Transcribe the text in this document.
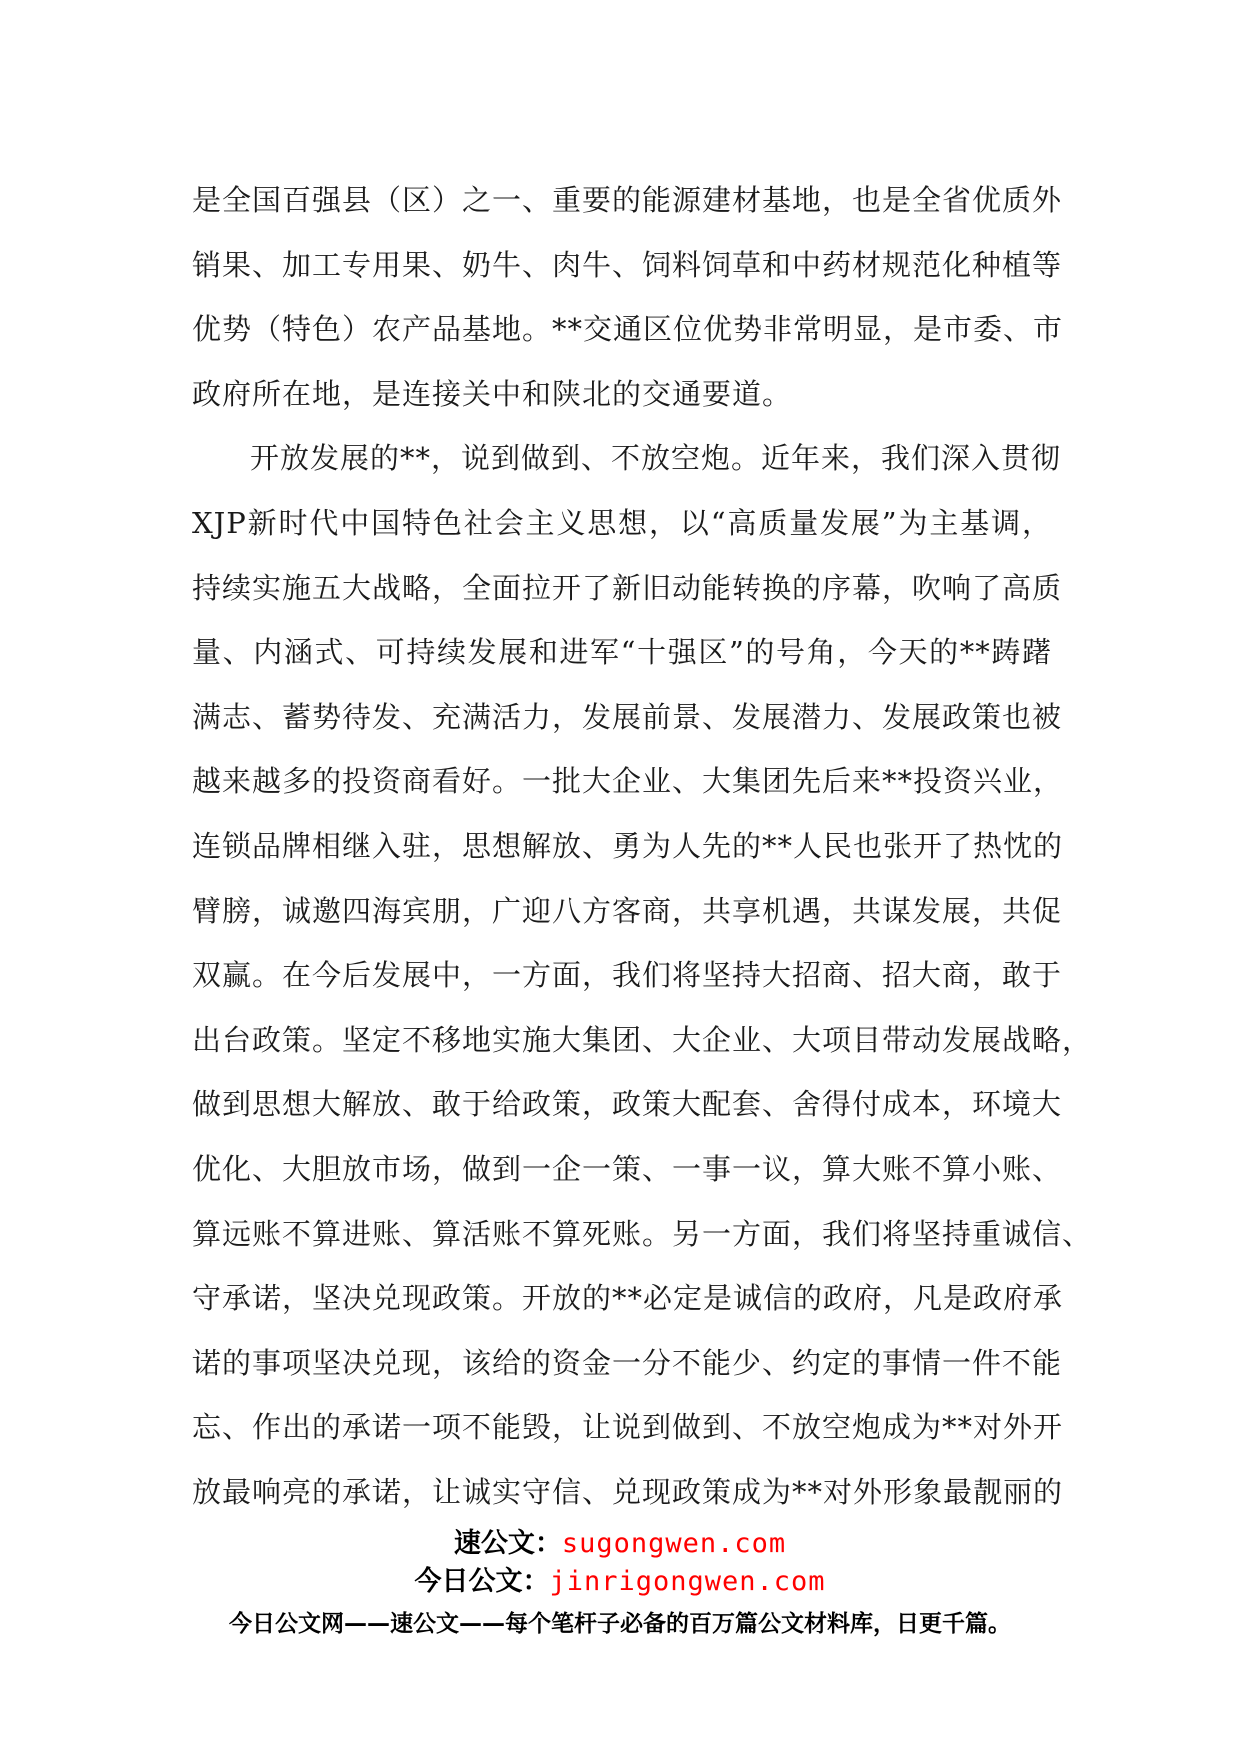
是全国百强县（区）之一、重要的能源建材基地，也是全省优质外
销果、加工专用果、奶牛、肉牛、饲料饲草和中药材规范化种植等
优势（特色）农产品基地。**交通区位优势非常明显，是市委、市
政府所在地，是连接关中和陕北的交通要道。
开放发展的**，说到做到、不放空炮。近年来，我们深入贯彻
XJP新时代中国特色社会主义思想，以“高质量发展”为主基调，
持续实施五大战略，全面拉开了新旧动能转换的序幕，吹响了高质
量、内涵式、可持续发展和进军“十强区”的号角，今天的**踌躇
满志、蓄势待发、充满活力，发展前景、发展潜力、发展政策也被
越来越多的投资商看好。一批大企业、大集团先后来**投资兴业，
连锁品牌相继入驻，思想解放、勇为人先的**人民也张开了热忱的
臂膀，诚邀四海宾朋，广迎八方客商，共享机遇，共谋发展，共促
双赢。在今后发展中，一方面，我们将坚持大招商、招大商，敢于
出台政策。坚定不移地实施大集团、大企业、大项目带动发展战略，
做到思想大解放、敢于给政策，政策大配套、舍得付成本，环境大
优化、大胆放市场，做到一企一策、一事一议，算大账不算小账、
算远账不算进账、算活账不算死账。另一方面，我们将坚持重诚信、
守承诺，坚决兑现政策。开放的**必定是诚信的政府，凡是政府承
诺的事项坚决兑现，该给的资金一分不能少、约定的事情一件不能
忘、作出的承诺一项不能毁，让说到做到、不放空炮成为**对外开
放最响亮的承诺，让诚实守信、兑现政策成为**对外形象最靓丽的
速公文：sugongwen.com
今日公文：jinrigongwen.com
今日公文网——速公文——每个笔杆子必备的百万篇公文材料库，日更千篇。
